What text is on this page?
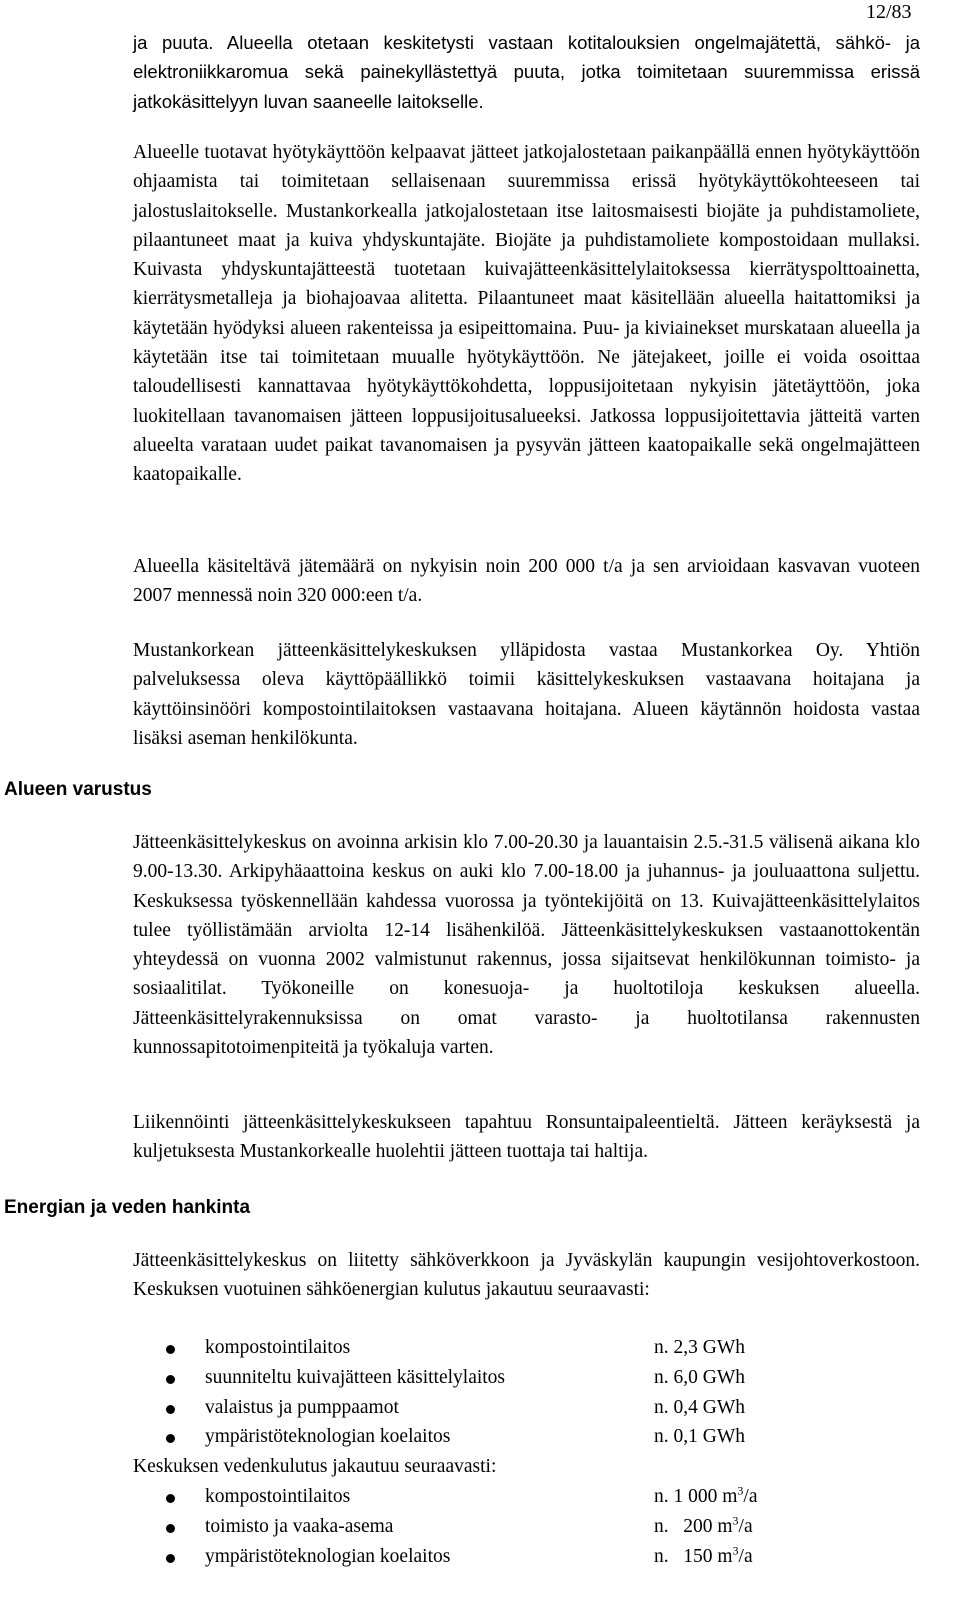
12/83

ja puuta. Alueella otetaan keskitetysti vastaan kotitalouksien ongelmajätettä, sähkö- ja elektroniikkaromua sekä painekyllästettyä puuta, jotka toimitetaan suuremmissa erissä jatkokäsittelyyn luvan saaneelle laitokselle.

Alueelle tuotavat hyötykäyttöön kelpaavat jätteet jatkojalostetaan paikanpäällä ennen hyötykäyttöön ohjaamista tai toimitetaan sellaisenaan suuremmissa erissä hyötykäyttökohteeseen tai jalostuslaitokselle. Mustankorkealla jatkojalostetaan itse laitosmaisesti biojäte ja puhdistamoliete, pilaantuneet maat ja kuiva yhdyskuntajäte. Biojäte ja puhdistamoliete kompostoidaan mullaksi. Kuivasta yhdyskuntajätteestä tuotetaan kuivajätteenkäsittelylaitoksessa kierrätyspolttoainetta, kierrätysmetalleja ja biohajoavaa alitetta. Pilaantuneet maat käsitellään alueella haitattomiksi ja käytetään hyödyksi alueen rakenteissa ja esipeittomaina. Puu- ja kiviainekset murskataan alueella ja käytetään itse tai toimitetaan muualle hyötykäyttöön. Ne jätejakeet, joille ei voida osoittaa taloudellisesti kannattavaa hyötykäyttökohdetta, loppusijoitetaan nykyisin jätetäyttöön, joka luokitellaan tavanomaisen jätteen loppusijoitusalueeksi. Jatkossa loppusijoitettavia jätteitä varten alueelta varataan uudet paikat tavanomaisen ja pysyvän jätteen kaatopaikalle sekä ongelmajätteen kaatopaikalle.

Alueella käsiteltävä jätemäärä on nykyisin noin 200 000 t/a ja sen arvioidaan kasvavan vuoteen 2007 mennessä noin 320 000:een t/a.

Mustankorkean jätteenkäsittelykeskuksen ylläpidosta vastaa Mustankorkea Oy. Yhtiön palveluksessa oleva käyttöpäällikkö toimii käsittelykeskuksen vastaavana hoitajana ja käyttöinsinööri kompostointilaitoksen vastaavana hoitajana. Alueen käytännön hoidosta vastaa lisäksi aseman henkilökunta.

Alueen varustus

Jätteenkäsittelykeskus on avoinna arkisin klo 7.00-20.30 ja lauantaisin 2.5.-31.5 välisenä aikana klo 9.00-13.30. Arkipyhäaattoina keskus on auki klo 7.00-18.00 ja juhannus- ja jouluaattona suljettu. Keskuksessa työskennellään kahdessa vuorossa ja työntekijöitä on 13. Kuivajätteenkäsittelylaitos tulee työllistämään arviolta 12-14 lisähenkilöä. Jätteenkäsittelykeskuksen vastaanottokentän yhteydessä on vuonna 2002 valmistunut rakennus, jossa sijaitsevat henkilökunnan toimisto- ja sosiaalitilat. Työkoneille on konesuoja- ja huoltotiloja keskuksen alueella. Jätteenkäsittelyrakennuksissa on omat varasto- ja huoltotilansa rakennusten kunnossapitotoimenpiteitä ja työkaluja varten.

Liikennöinti jätteenkäsittelykeskukseen tapahtuu Ronsuntaipaleentieltä. Jätteen keräyksestä ja kuljetuksesta Mustankorkealle huolehtii jätteen tuottaja tai haltija.

Energian ja veden hankinta

Jätteenkäsittelykeskus on liitetty sähköverkkoon ja Jyväskylän kaupungin vesijohtoverkostoon. Keskuksen vuotuinen sähköenergian kulutus jakautuu seuraavasti:

kompostointilaitos	n. 2,3 GWh
suunniteltu kuivajätteen käsittelylaitos	n. 6,0 GWh
valaistus ja pumppaamot	n. 0,4 GWh
ympäristöteknologian koelaitos	n. 0,1 GWh
Keskuksen vedenkulutus jakautuu seuraavasti:
kompostointilaitos	n. 1 000 $m^3/a$
toimisto ja vaaka-asema	n.   200 $m^3/a$
ympäristöteknologian koelaitos	n.   150 $m^3/a$
